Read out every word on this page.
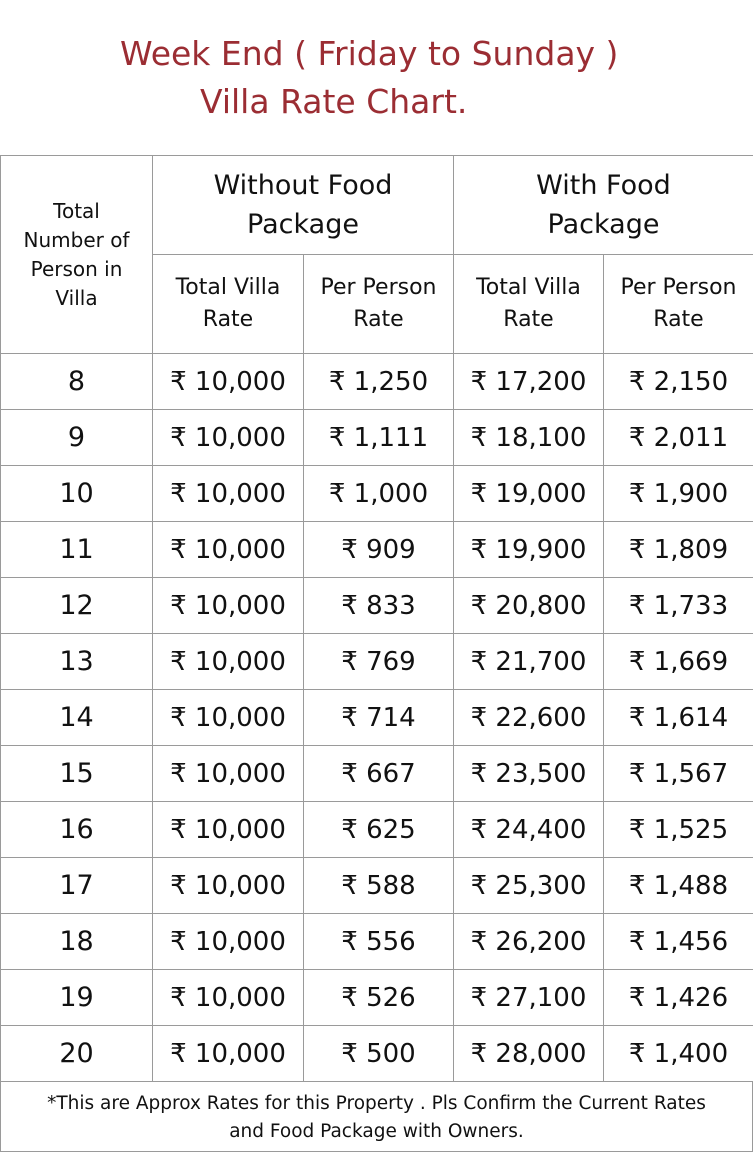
Week End ( Friday to Sunday )
Villa Rate Chart.
Total Number of Person in Villa	Without Food Package		With Food Package	

	Total Villa Rate	Per Person Rate	Total Villa Rate	Per Person Rate

8	₹ 10,000	₹ 1,250	₹ 17,200	₹ 2,150
9	₹ 10,000	₹ 1,111	₹ 18,100	₹ 2,011
10	₹ 10,000	₹ 1,000	₹ 19,000	₹ 1,900
11	₹ 10,000	₹ 909	₹ 19,900	₹ 1,809
12	₹ 10,000	₹ 833	₹ 20,800	₹ 1,733
13	₹ 10,000	₹ 769	₹ 21,700	₹ 1,669
14	₹ 10,000	₹ 714	₹ 22,600	₹ 1,614
15	₹ 10,000	₹ 667	₹ 23,500	₹ 1,567
16	₹ 10,000	₹ 625	₹ 24,400	₹ 1,525
17	₹ 10,000	₹ 588	₹ 25,300	₹ 1,488
18	₹ 10,000	₹ 556	₹ 26,200	₹ 1,456
19	₹ 10,000	₹ 526	₹ 27,100	₹ 1,426
20	₹ 10,000	₹ 500	₹ 28,000	₹ 1,400
*This are Approx Rates for this Property . Pls Confirm the Current Rates
and Food Package with Owners.
